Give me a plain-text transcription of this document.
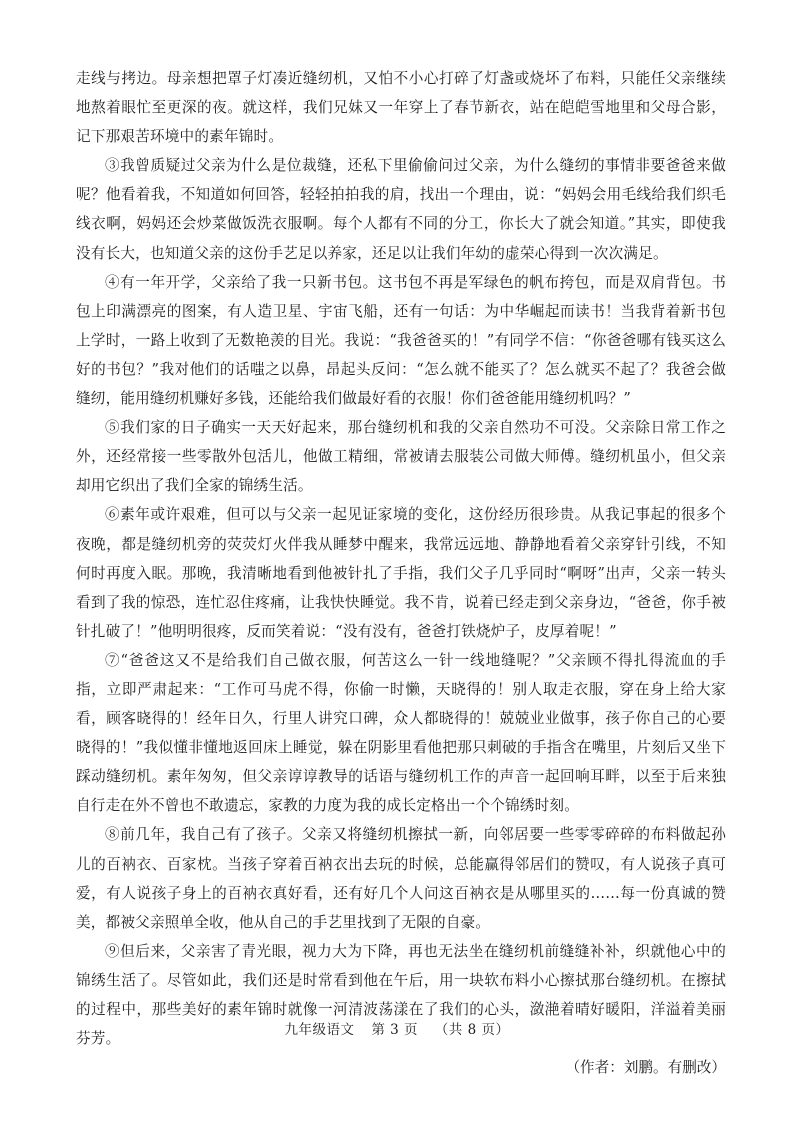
走线与拷边。母亲想把罩子灯凑近缝纫机，又怕不小心打碎了灯盏或烧坏了布料，只能任父亲继续地熬着眼忙至更深的夜。就这样，我们兄妹又一年穿上了春节新衣，站在皑皑雪地里和父母合影，记下那艰苦环境中的素年锦时。

③我曾质疑过父亲为什么是位裁缝，还私下里偷偷问过父亲，为什么缝纫的事情非要爸爸来做呢？他看着我，不知道如何回答，轻轻拍拍我的肩，找出一个理由，说：“妈妈会用毛线给我们织毛线衣啊，妈妈还会炒菜做饭洗衣服啊。每个人都有不同的分工，你长大了就会知道。”其实，即使我没有长大，也知道父亲的这份手艺足以养家，还足以让我们年幼的虚荣心得到一次次满足。

④有一年开学，父亲给了我一只新书包。这书包不再是军绿色的帆布挎包，而是双肩背包。书包上印满漂亮的图案，有人造卫星、宇宙飞船，还有一句话：为中华崛起而读书！当我背着新书包上学时，一路上收到了无数艳羡的目光。我说：“我爸爸买的！”有同学不信：“你爸爸哪有钱买这么好的书包？”我对他们的话嗤之以鼻，昂起头反问：“怎么就不能买了？怎么就买不起了？我爸会做缝纫，能用缝纫机赚好多钱，还能给我们做最好看的衣服！你们爸爸能用缝纫机吗？”

⑤我们家的日子确实一天天好起来，那台缝纫机和我的父亲自然功不可没。父亲除日常工作之外，还经常接一些零散外包活儿，他做工精细，常被请去服装公司做大师傅。缝纫机虽小，但父亲却用它织出了我们全家的锦绣生活。

⑥素年或许艰难，但可以与父亲一起见证家境的变化，这份经历很珍贵。从我记事起的很多个夜晚，都是缝纫机旁的荧荧灯火伴我从睡梦中醒来，我常远远地、静静地看着父亲穿针引线，不知何时再度入眠。那晚，我清晰地看到他被针扎了手指，我们父子几乎同时“啊呀”出声，父亲一转头看到了我的惊恐，连忙忍住疼痛，让我快快睡觉。我不肯，说着已经走到父亲身边，“爸爸，你手被针扎破了！”他明明很疼，反而笑着说：“没有没有，爸爸打铁烧炉子，皮厚着呢！”

⑦“爸爸这又不是给我们自己做衣服，何苦这么一针一线地缝呢？”父亲顾不得扎得流血的手指，立即严肃起来：“工作可马虎不得，你偷一时懒，天晓得的！别人取走衣服，穿在身上给大家看，顾客晓得的！经年日久，行里人讲究口碑，众人都晓得的！兢兢业业做事，孩子你自己的心要晓得的！”我似懂非懂地返回床上睡觉，躲在阴影里看他把那只刺破的手指含在嘴里，片刻后又坐下踩动缝纫机。素年匆匆，但父亲谆谆教导的话语与缝纫机工作的声音一起回响耳畔，以至于后来独自行走在外不曾也不敢遗忘，家教的力度为我的成长定格出一个个锦绣时刻。

⑧前几年，我自己有了孩子。父亲又将缝纫机擦拭一新，向邻居要一些零零碎碎的布料做起孙儿的百衲衣、百家枕。当孩子穿着百衲衣出去玩的时候，总能赢得邻居们的赞叹，有人说孩子真可爱，有人说孩子身上的百衲衣真好看，还有好几个人问这百衲衣是从哪里买的……每一份真诚的赞美，都被父亲照单全收，他从自己的手艺里找到了无限的自豪。

⑨但后来，父亲害了青光眼，视力大为下降，再也无法坐在缝纫机前缝缝补补，织就他心中的锦绣生活了。尽管如此，我们还是时常看到他在午后，用一块软布料小心擦拭那台缝纫机。在擦拭的过程中，那些美好的素年锦时就像一河清波荡漾在了我们的心头，潋滟着晴好暖阳，洋溢着美丽芬芳。

（作者：刘鹏。有删改）

九年级语文 第 3 页 （共 8 页）
